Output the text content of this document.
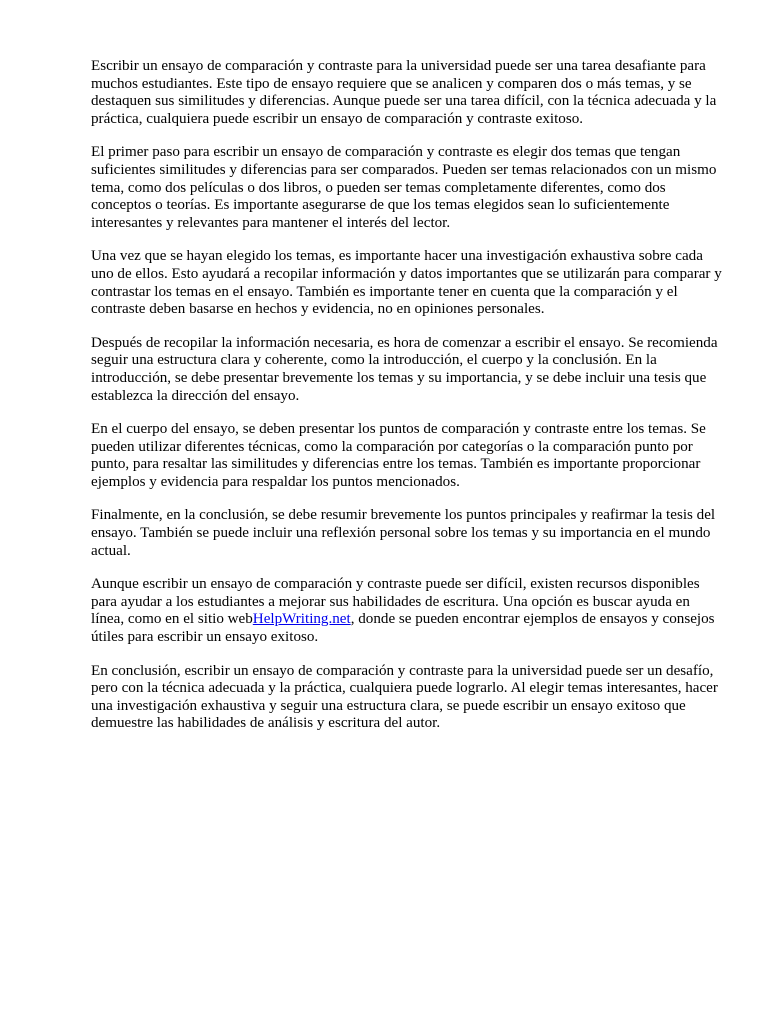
Escribir un ensayo de comparación y contraste para la universidad puede ser una tarea desafiante para muchos estudiantes. Este tipo de ensayo requiere que se analicen y comparen dos o más temas, y se destaquen sus similitudes y diferencias. Aunque puede ser una tarea difícil, con la técnica adecuada y la práctica, cualquiera puede escribir un ensayo de comparación y contraste exitoso.

El primer paso para escribir un ensayo de comparación y contraste es elegir dos temas que tengan suficientes similitudes y diferencias para ser comparados. Pueden ser temas relacionados con un mismo tema, como dos películas o dos libros, o pueden ser temas completamente diferentes, como dos conceptos o teorías. Es importante asegurarse de que los temas elegidos sean lo suficientemente interesantes y relevantes para mantener el interés del lector.

Una vez que se hayan elegido los temas, es importante hacer una investigación exhaustiva sobre cada uno de ellos. Esto ayudará a recopilar información y datos importantes que se utilizarán para comparar y contrastar los temas en el ensayo. También es importante tener en cuenta que la comparación y el contraste deben basarse en hechos y evidencia, no en opiniones personales.

Después de recopilar la información necesaria, es hora de comenzar a escribir el ensayo. Se recomienda seguir una estructura clara y coherente, como la introducción, el cuerpo y la conclusión. En la introducción, se debe presentar brevemente los temas y su importancia, y se debe incluir una tesis que establezca la dirección del ensayo.

En el cuerpo del ensayo, se deben presentar los puntos de comparación y contraste entre los temas. Se pueden utilizar diferentes técnicas, como la comparación por categorías o la comparación punto por punto, para resaltar las similitudes y diferencias entre los temas. También es importante proporcionar ejemplos y evidencia para respaldar los puntos mencionados.

Finalmente, en la conclusión, se debe resumir brevemente los puntos principales y reafirmar la tesis del ensayo. También se puede incluir una reflexión personal sobre los temas y su importancia en el mundo actual.

Aunque escribir un ensayo de comparación y contraste puede ser difícil, existen recursos disponibles para ayudar a los estudiantes a mejorar sus habilidades de escritura. Una opción es buscar ayuda en línea, como en el sitio webHelpWriting.net, donde se pueden encontrar ejemplos de ensayos y consejos útiles para escribir un ensayo exitoso.

En conclusión, escribir un ensayo de comparación y contraste para la universidad puede ser un desafío, pero con la técnica adecuada y la práctica, cualquiera puede lograrlo. Al elegir temas interesantes, hacer una investigación exhaustiva y seguir una estructura clara, se puede escribir un ensayo exitoso que demuestre las habilidades de análisis y escritura del autor.
